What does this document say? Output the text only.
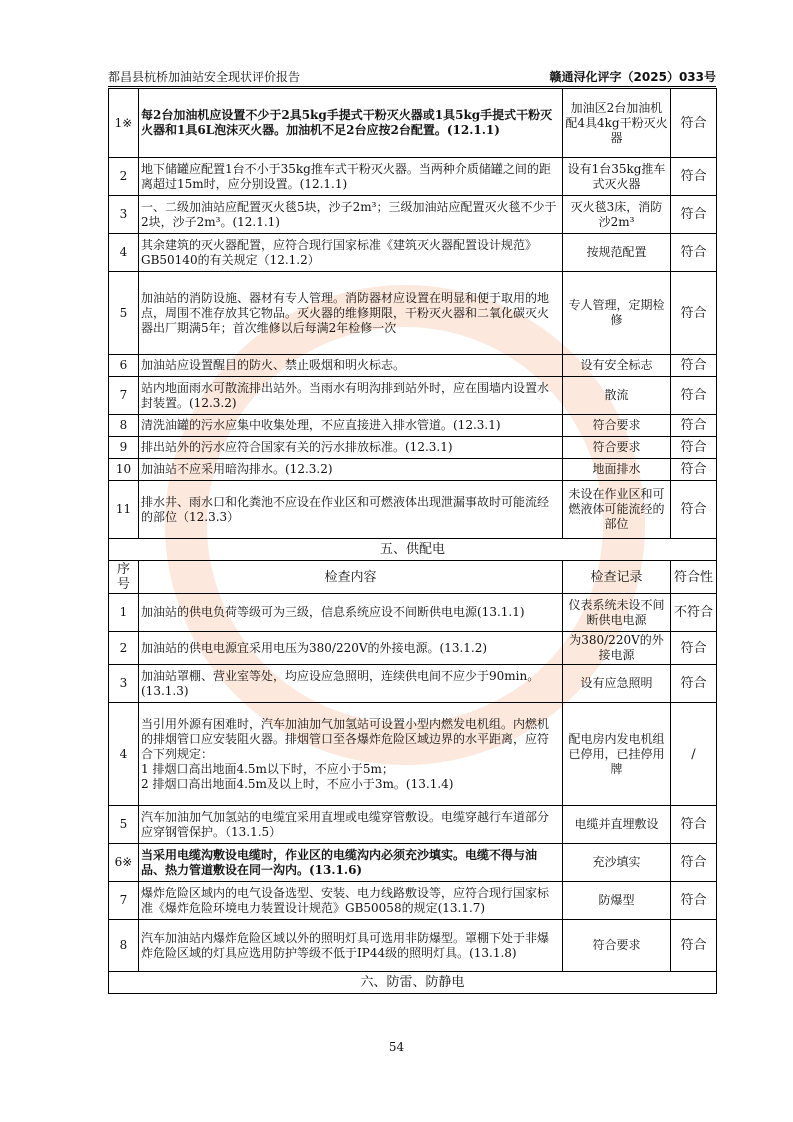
都昌县杭桥加油站安全现状评价报告	赣通浔化评字（2025）033号
1※	每2台加油机应设置不少于2具5kg手提式干粉灭火器或1具5kg手提式干粉灭火器和1具6L泡沫灭火器。加油机不足2台应按2台配置。(12.1.1)	加油区2台加油机配4具4kg干粉灭火器	符合
2	地下储罐应配置1台不小于35kg推车式干粉灭火器。当两种介质储罐之间的距离超过15m时，应分别设置。(12.1.1)	设有1台35kg推车式灭火器	符合
3	一、二级加油站应配置灭火毯5块，沙子2m³；三级加油站应配置灭火毯不少于2块，沙子2m³。(12.1.1)	灭火毯3床，消防沙2m³	符合
4	其余建筑的灭火器配置，应符合现行国家标准《建筑灭火器配置设计规范》GB50140的有关规定（12.1.2）	按规范配置	符合
5	加油站的消防设施、器材有专人管理。消防器材应设置在明显和便于取用的地点，周围不准存放其它物品。灭火器的维修期限，干粉灭火器和二氧化碳灭火器出厂期满5年；首次维修以后每满2年检修一次	专人管理，定期检修	符合
6	加油站应设置醒目的防火、禁止吸烟和明火标志。	设有安全标志	符合
7	站内地面雨水可散流排出站外。当雨水有明沟排到站外时，应在围墙内设置水封装置。(12.3.2)	散流	符合
8	清洗油罐的污水应集中收集处理，不应直接进入排水管道。(12.3.1)	符合要求	符合
9	排出站外的污水应符合国家有关的污水排放标准。(12.3.1)	符合要求	符合
10	加油站不应采用暗沟排水。(12.3.2)	地面排水	符合
11	排水井、雨水口和化粪池不应设在作业区和可燃液体出现泄漏事故时可能流经的部位（12.3.3）	未设在作业区和可燃液体可能流经的部位	符合
五、供配电			
序号	检查内容	检查记录	符合性
1	加油站的供电负荷等级可为三级，信息系统应设不间断供电电源(13.1.1)	仪表系统未设不间断供电电源	不符合
2	加油站的供电电源宜采用电压为380/220V的外接电源。(13.1.2)	为380/220V的外接电源	符合
3	加油站罩棚、营业室等处，均应设应急照明，连续供电间不应少于90min。(13.1.3)	设有应急照明	符合
4	当引用外源有困难时，汽车加油加气加氢站可设置小型内燃发电机组。内燃机的排烟管口应安装阻火器。排烟管口至各爆炸危险区域边界的水平距离，应符合下列规定：
1 排烟口高出地面4.5m以下时，不应小于5m；
2 排烟口高出地面4.5m及以上时，不应小于3m。(13.1.4)	配电房内发电机组已停用，已挂停用牌	/
5	汽车加油加气加氢站的电缆宜采用直埋或电缆穿管敷设。电缆穿越行车道部分应穿钢管保护。（13.1.5）	电缆并直埋敷设	符合
6※	当采用电缆沟敷设电缆时，作业区的电缆沟内必须充沙填实。电缆不得与油品、热力管道敷设在同一沟内。(13.1.6)	充沙填实	符合
7	爆炸危险区域内的电气设备选型、安装、电力线路敷设等，应符合现行国家标准《爆炸危险环境电力装置设计规范》GB50058的规定(13.1.7)	防爆型	符合
8	汽车加油站内爆炸危险区域以外的照明灯具可选用非防爆型。罩棚下处于非爆炸危险区域的灯具应选用防护等级不低于IP44级的照明灯具。(13.1.8)	符合要求	符合
六、防雷、防静电			
54
